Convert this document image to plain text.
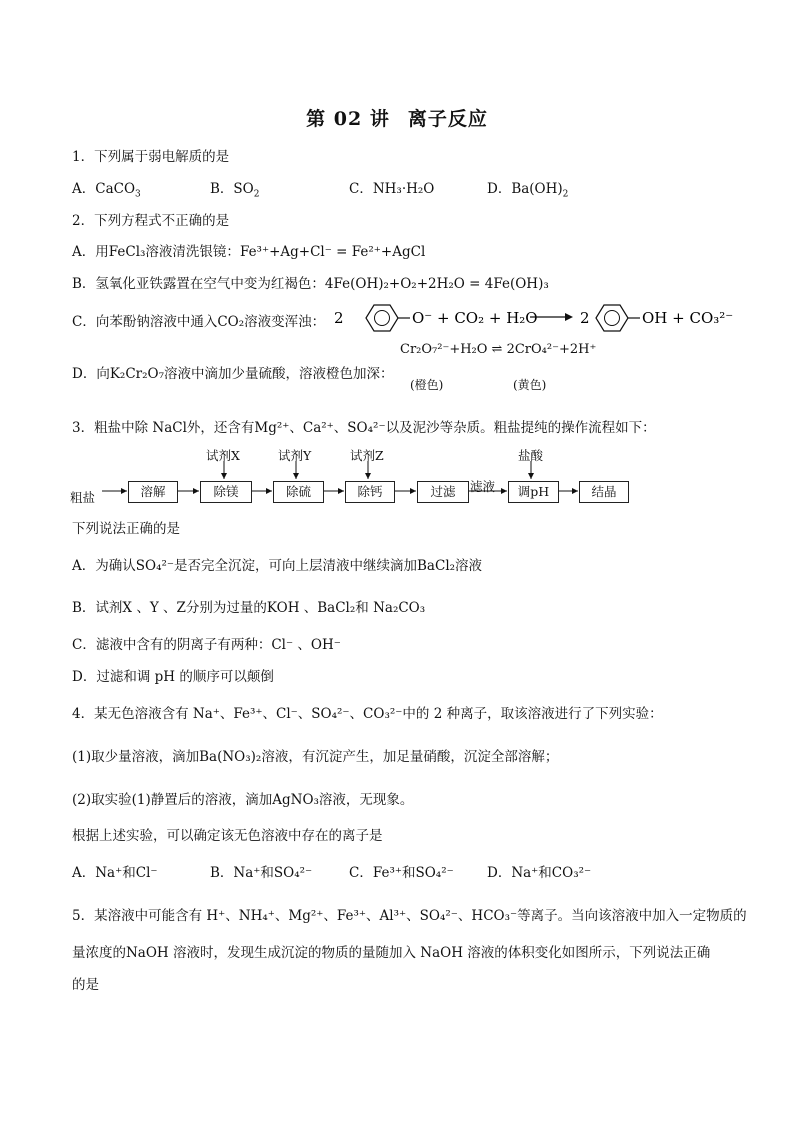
第 02 讲 离子反应
1．下列属于弱电解质的是
A．CaCO$_3$	B．$SO_2$	C．NH₃·H₂O	D．$Ba(OH)_2$
2．下列方程式不正确的是
A．用FeCl₃溶液清洗银镜：Fe³⁺+Ag+Cl⁻ = Fe²⁺+AgCl
B．氢氧化亚铁露置在空气中变为红褐色：4Fe(OH)₂+O₂+2H₂O = 4Fe(OH)₃
C．向苯酚钠溶液中通入CO₂溶液变浑浊： 2	O⁻ + CO₂ + H₂O	2	OH + CO₃²⁻
D．向K₂Cr₂O₇溶液中滴加少量硫酸，溶液橙色加深：
Cr₂O₇²⁻+H₂O ⇌ 2CrO₄²⁻+2H⁺
(橙色)	(黄色)
3．粗盐中除 NaCl外，还含有Mg²⁺、Ca²⁺、SO₄²⁻以及泥沙等杂质。粗盐提纯的操作流程如下：
粗盐	溶解	除镁	除硫	除钙	过滤	调pH	结晶
试剂X	试剂Y	试剂Z
滤液
盐酸
下列说法正确的是
A．为确认SO₄²⁻是否完全沉淀，可向上层清液中继续滴加BaCl₂溶液
B．试剂X 、Y 、Z分别为过量的KOH 、BaCl₂和 Na₂CO₃
C．滤液中含有的阴离子有两种：Cl⁻ 、OH⁻
D．过滤和调 pH 的顺序可以颠倒
4．某无色溶液含有 Na⁺、Fe³⁺、Cl⁻、SO₄²⁻、CO₃²⁻中的 2 种离子，取该溶液进行了下列实验：
(1)取少量溶液，滴加Ba(NO₃)₂溶液，有沉淀产生，加足量硝酸，沉淀全部溶解；
(2)取实验(1)静置后的溶液，滴加AgNO₃溶液，无现象。
根据上述实验，可以确定该无色溶液中存在的离子是
A．Na⁺和Cl⁻	B．Na⁺和SO₄²⁻	C．Fe³⁺和SO₄²⁻ D．Na⁺和CO₃²⁻
5．某溶液中可能含有 H⁺、NH₄⁺、Mg²⁺、Fe³⁺、Al³⁺、SO₄²⁻、HCO₃⁻等离子。当向该溶液中加入一定物质的
量浓度的NaOH 溶液时，发现生成沉淀的物质的量随加入 NaOH 溶液的体积变化如图所示，下列说法正确
的是
